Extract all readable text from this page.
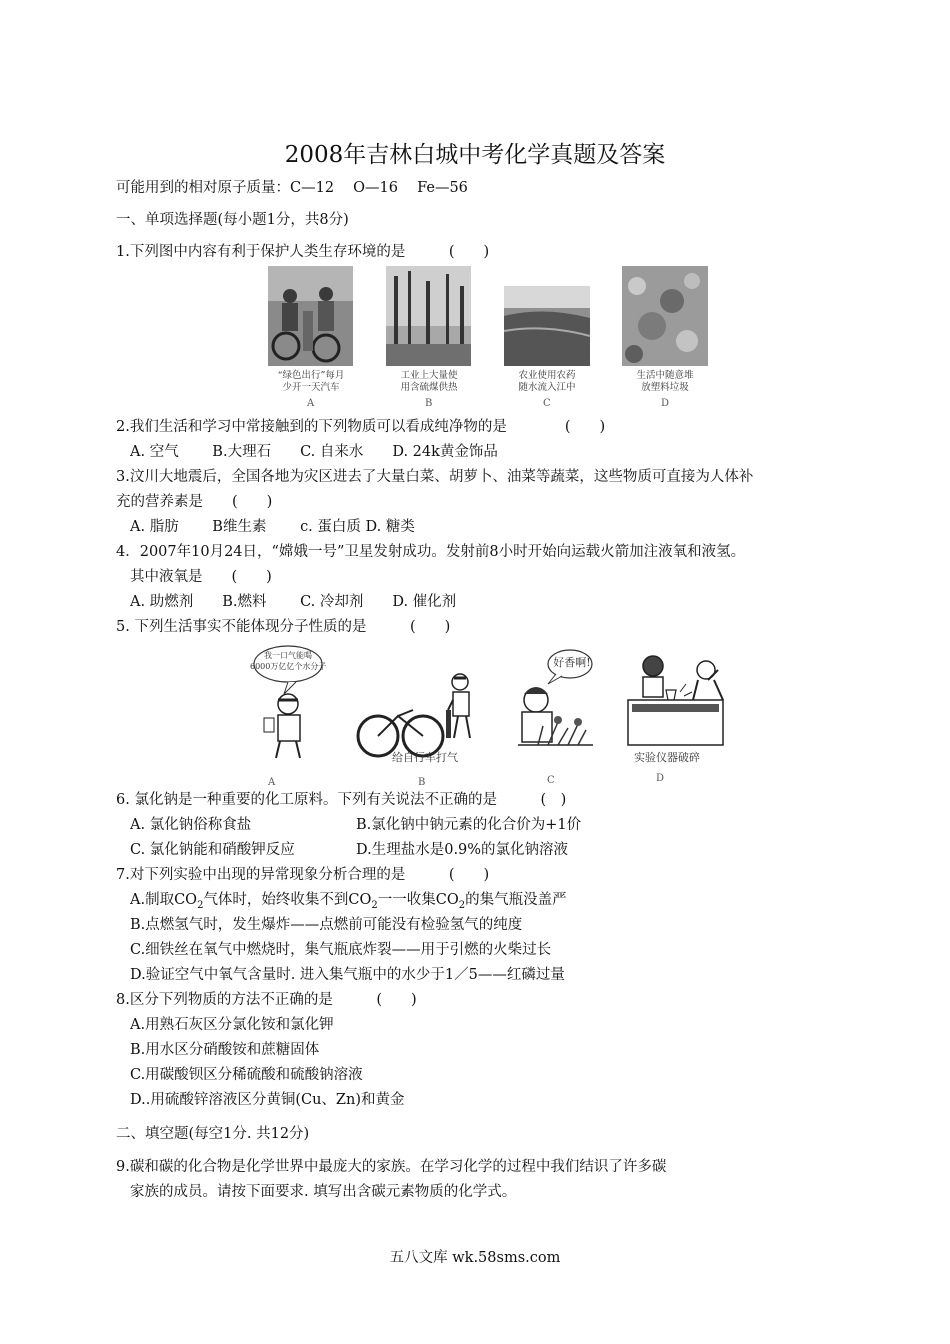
2008年吉林白城中考化学真题及答案
可能用到的相对原子质量：C—12　 O—16　 Fe—56
一、单项选择题(每小题1分，共8分)
1.下列图中内容有利于保护人类生存环境的是　　　(　　)
“绿色出行”每月
少开一天汽车
工业上大量使
用含硫煤供热
农业使用农药
随水流入江中
生活中随意堆
放塑料垃圾
A	B	C	D
2.我们生活和学习中常接触到的下列物质可以看成纯净物的是　　　　(　　)
A. 空气　　 B.大理石　　C. 自来水　　D. 24k黄金饰品
3.汶川大地震后，全国各地为灾区进去了大量白菜、胡萝卜、油菜等蔬菜，这些物质可直接为人体补
充的营养素是　　(　　)
A. 脂肪　　 B维生素　　 c. 蛋白质 D. 糖类
4．2007年10月24日，“嫦娥一号”卫星发射成功。发射前8小时开始向运载火箭加注液氧和液氢。
其中液氧是　　(　　)
A. 助燃剂　　B.燃料　　 C. 冷却剂　　D. 催化剂
5. 下列生活事实不能体现分子性质的是　　　(　　)
我一口气能喝
6000万亿亿个水分子	好香啊!
给自行车打气	实验仪器破碎
A	B	C	D
6. 氯化钠是一种重要的化工原料。下列有关说法不正确的是　　　(　)
A. 氯化钠俗称食盐	B.氯化钠中钠元素的化合价为+1价
C. 氯化钠能和硝酸钾反应	D.生理盐水是0.9%的氯化钠溶液
7.对下列实验中出现的异常现象分析合理的是　　　(　　)
A.制取$CO_2$气体时，始终收集不到$CO_2$一一收集$CO_2$的集气瓶没盖严
B.点燃氢气时，发生爆炸——点燃前可能没有检验氢气的纯度
C.细铁丝在氧气中燃烧时，集气瓶底炸裂——用于引燃的火柴过长
D.验证空气中氧气含量时. 进入集气瓶中的水少于1／5——红磷过量
8.区分下列物质的方法不正确的是　　　(　　)
A.用熟石灰区分氯化铵和氯化钾
B.用水区分硝酸铵和蔗糖固体
C.用碳酸钡区分稀硫酸和硫酸钠溶液
D..用硫酸锌溶液区分黄铜(Cu、Zn)和黄金
二、填空题(每空1分. 共12分)
9.碳和碳的化合物是化学世界中最庞大的家族。在学习化学的过程中我们结识了许多碳
家族的成员。请按下面要求. 填写出含碳元素物质的化学式。
五八文库 wk.58sms.com
